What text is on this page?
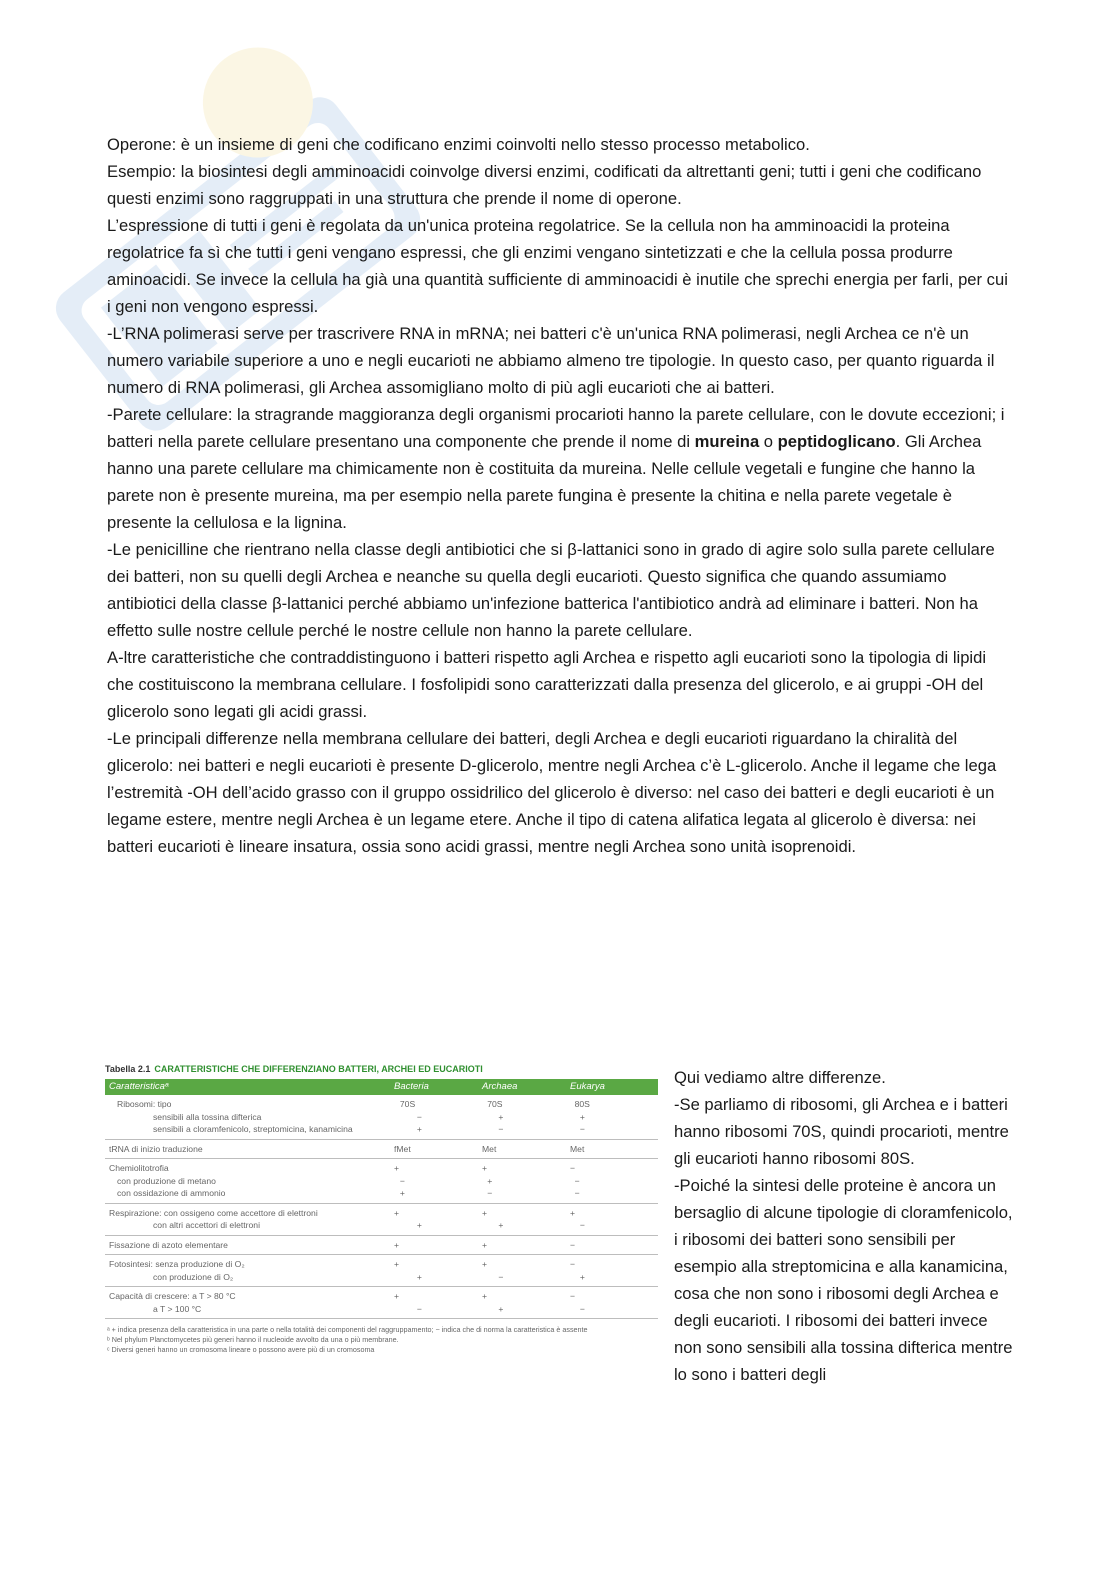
Operone: è un insieme di geni che codificano enzimi coinvolti nello stesso processo metabolico.

Esempio: la biosintesi degli amminoacidi coinvolge diversi enzimi, codificati da altrettanti geni; tutti i geni che codificano questi enzimi sono raggruppati in una struttura che prende il nome di operone.

L’espressione di tutti i geni è regolata da un'unica proteina regolatrice. Se la cellula non ha amminoacidi la proteina regolatrice fa sì che tutti i geni vengano espressi, che gli enzimi vengano sintetizzati e che la cellula possa produrre aminoacidi. Se invece la cellula ha già una quantità sufficiente di amminoacidi è inutile che sprechi energia per farli, per cui i geni non vengono espressi.

-L’RNA polimerasi serve per trascrivere RNA in mRNA; nei batteri c'è un'unica RNA polimerasi, negli Archea ce n'è un numero variabile superiore a uno e negli eucarioti ne abbiamo almeno tre tipologie. In questo caso, per quanto riguarda il numero di RNA polimerasi, gli Archea assomigliano molto di più agli eucarioti che ai batteri.

-Parete cellulare: la stragrande maggioranza degli organismi procarioti hanno la parete cellulare, con le dovute eccezioni; i batteri nella parete cellulare presentano una componente che prende il nome di mureina o peptidoglicano. Gli Archea hanno una parete cellulare ma chimicamente non è costituita da mureina. Nelle cellule vegetali e fungine che hanno la parete non è presente mureina, ma per esempio nella parete fungina è presente la chitina e nella parete vegetale è presente la cellulosa e la lignina.

-Le penicilline che rientrano nella classe degli antibiotici che si β-lattanici sono in grado di agire solo sulla parete cellulare dei batteri, non su quelli degli Archea e neanche su quella degli eucarioti. Questo significa che quando assumiamo antibiotici della classe β-lattanici perché abbiamo un'infezione batterica l'antibiotico andrà ad eliminare i batteri. Non ha effetto sulle nostre cellule perché le nostre cellule non hanno la parete cellulare.

A-ltre caratteristiche che contraddistinguono i batteri rispetto agli Archea e rispetto agli eucarioti sono la tipologia di lipidi che costituiscono la membrana cellulare. I fosfolipidi sono caratterizzati dalla presenza del glicerolo, e ai gruppi -OH del glicerolo sono legati gli acidi grassi.

-Le principali differenze nella membrana cellulare dei batteri, degli Archea e degli eucarioti riguardano la chiralità del glicerolo: nei batteri e negli eucarioti è presente D-glicerolo, mentre negli Archea c’è L-glicerolo. Anche il legame che lega l’estremità -OH dell’acido grasso con il gruppo ossidrilico del glicerolo è diverso: nel caso dei batteri e degli eucarioti è un legame estere, mentre negli Archea è un legame etere. Anche il tipo di catena alifatica legata al glicerolo è diversa: nei batteri eucarioti è lineare insatura, ossia sono acidi grassi, mentre negli Archea sono unità isoprenoidi.

Tabella 2.1 CARATTERISTICHE CHE DIFFERENZIANO BATTERI, ARCHEI ED EUCARIOTI
Caratteristicaᵃ	Bacteria	Archaea	Eukarya
Ribosomi: tipo	70S	70S	80S
sensibili alla tossina difterica	−	+	+
sensibili a cloramfenicolo, streptomicina, kanamicina	+	−	−
tRNA di inizio traduzione	fMet	Met	Met
Chemiolitotrofia	+	+	−
con produzione di metano	−	+	−
con ossidazione di ammonio	+	−	−
Respirazione: con ossigeno come accettore di elettroni	+	+	+
con altri accettori di elettroni	+	+	−
Fissazione di azoto elementare	+	+	−
Fotosintesi: senza produzione di O₂	+	+	−
con produzione di O₂	+	−	+
Capacità di crescere: a T > 80 °C	+	+	−
a T > 100 °C	−	+	−
ᵃ + indica presenza della caratteristica in una parte o nella totalità dei componenti del raggruppamento; − indica che di norma la caratteristica è assente
ᵇ Nel phylum Planctomycetes più generi hanno il nucleoide avvolto da una o più membrane.
ᶜ Diversi generi hanno un cromosoma lineare o possono avere più di un cromosoma

Qui vediamo altre differenze.

-Se parliamo di ribosomi, gli Archea e i batteri hanno ribosomi 70S, quindi procarioti, mentre gli eucarioti hanno ribosomi 80S.

-Poiché la sintesi delle proteine è ancora un bersaglio di alcune tipologie di cloramfenicolo, i ribosomi dei batteri sono sensibili per esempio alla streptomicina e alla kanamicina, cosa che non sono i ribosomi degli Archea e degli eucarioti. I ribosomi dei batteri invece non sono sensibili alla tossina difterica mentre lo sono i batteri degli
